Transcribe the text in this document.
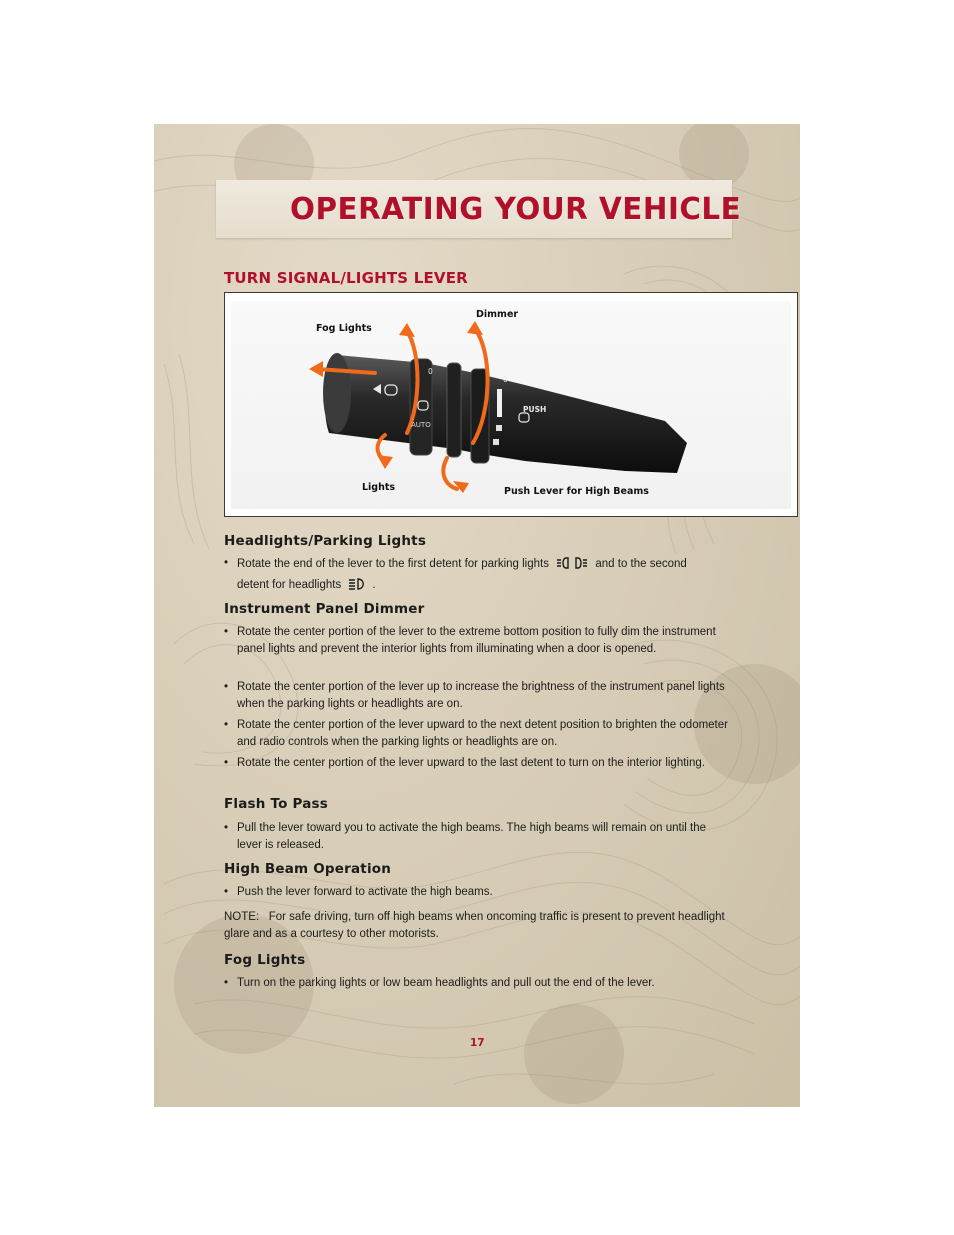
OPERATING YOUR VEHICLE
TURN SIGNAL/LIGHTS LEVER
Fog Lights
Dimmer
Lights	Push Lever for High Beams
AUTO
PUSH
0
0
Headlights/Parking Lights
• Rotate the end of the lever to the first detent for parking lights	and to the second
detent for headlights	.
Instrument Panel Dimmer
• Rotate the center portion of the lever to the extreme bottom position to fully dim the instrument panel lights and prevent the interior lights from illuminating when a door is opened.
• Rotate the center portion of the lever up to increase the brightness of the instrument panel lights when the parking lights or headlights are on.
• Rotate the center portion of the lever upward to the next detent position to brighten the odometer and radio controls when the parking lights or headlights are on.
• Rotate the center portion of the lever upward to the last detent to turn on the interior lighting.
Flash To Pass
• Pull the lever toward you to activate the high beams. The high beams will remain on until the lever is released.
High Beam Operation
• Push the lever forward to activate the high beams.
NOTE: For safe driving, turn off high beams when oncoming traffic is present to prevent headlight glare and as a courtesy to other motorists.
Fog Lights
• Turn on the parking lights or low beam headlights and pull out the end of the lever.
17
